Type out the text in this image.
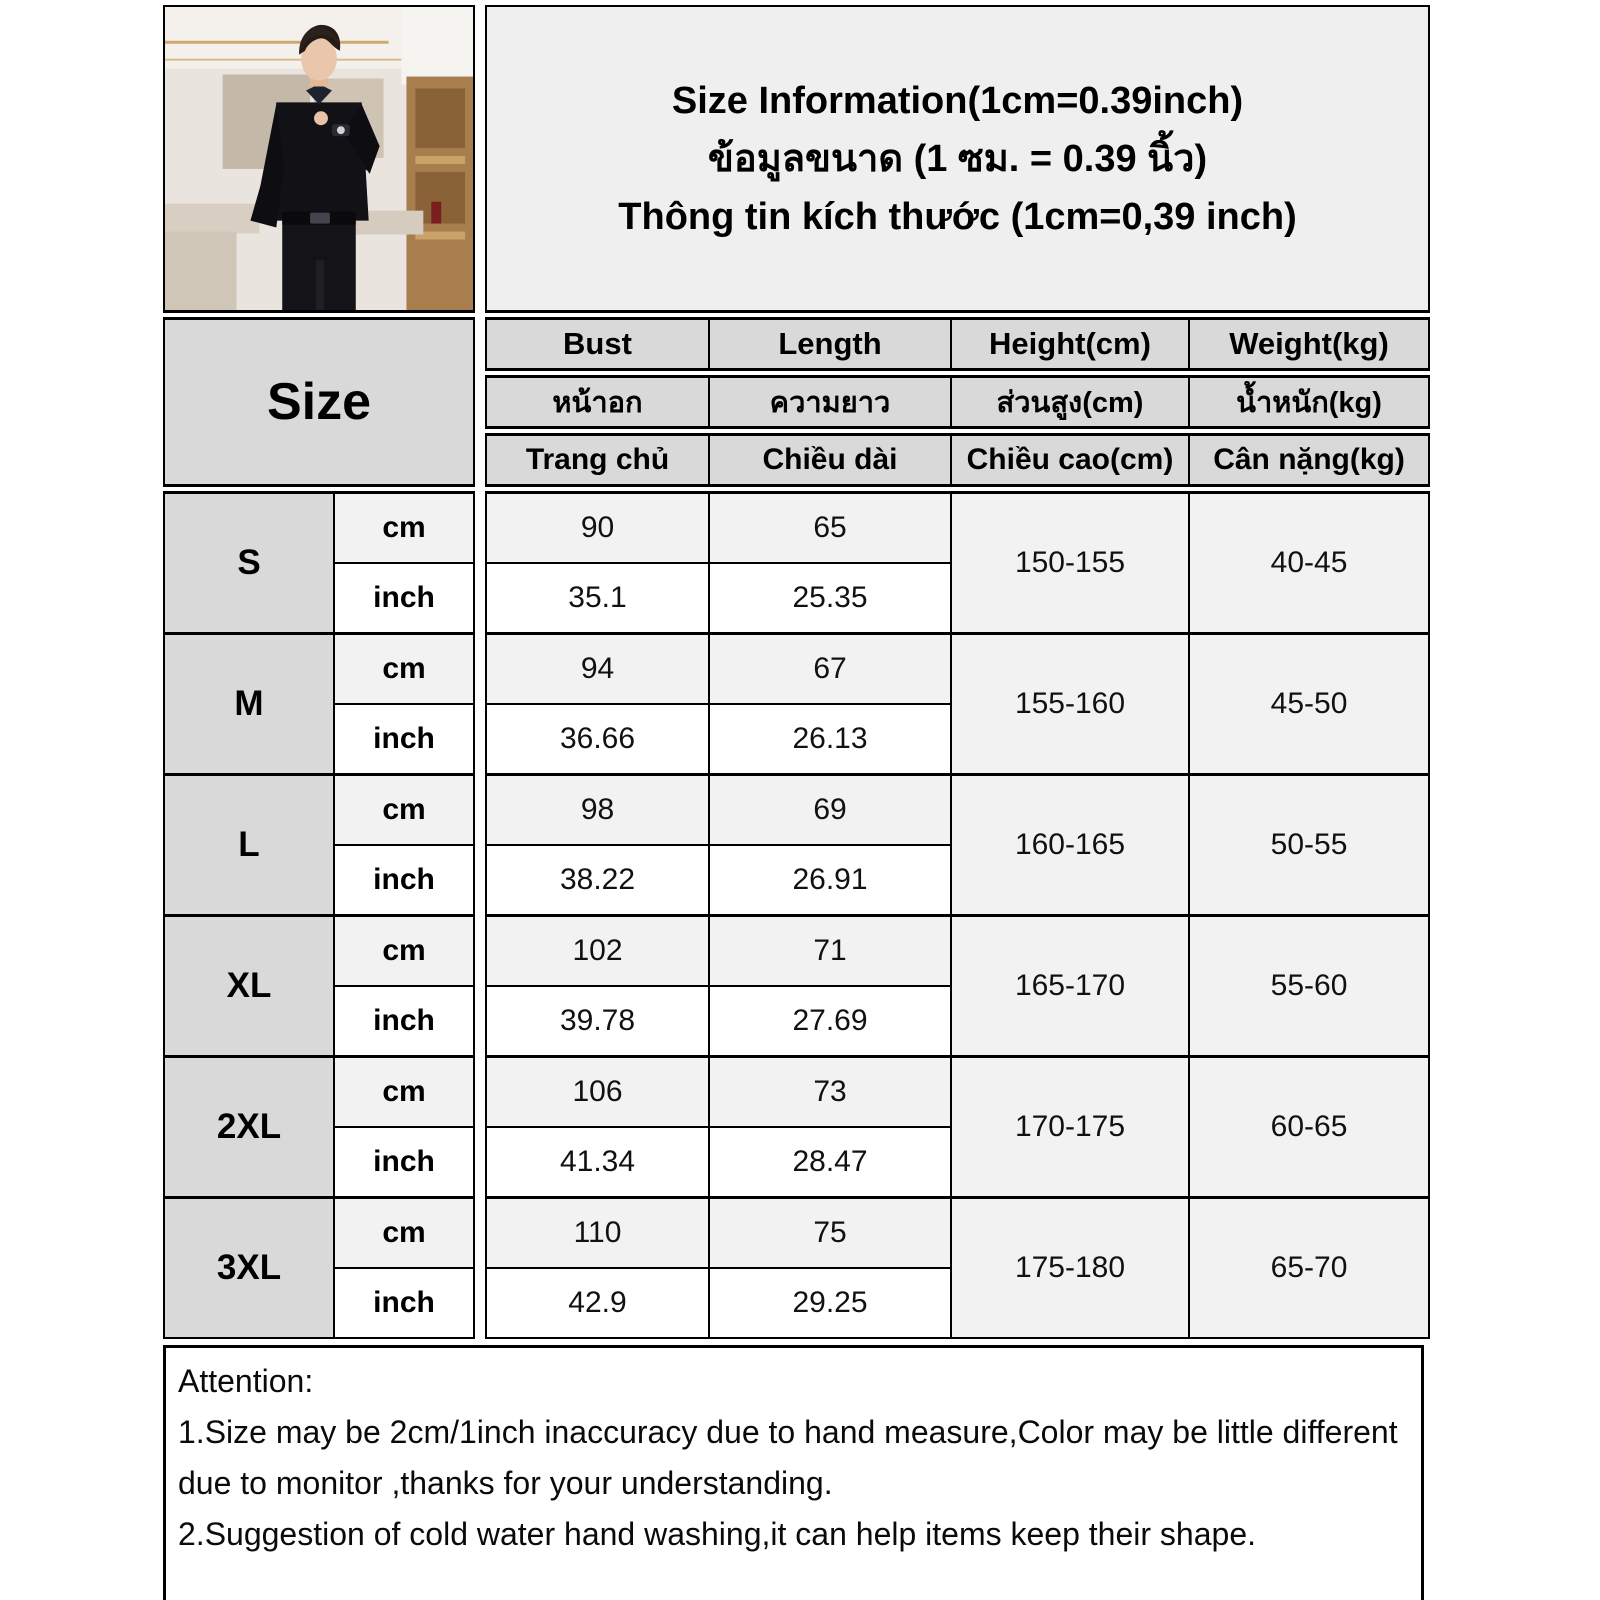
Size Information(1cm=0.39inch)
ข้อมูลขนาด (1 ซม. = 0.39 นิ้ว)
Thông tin kích thước (1cm=0,39 inch)			

Size			Bust	Length	Height(cm)	Weight(kg)
			หน้าอก	ความยาว	ส่วนสูง(cm)	น้ำหนัก(kg)
			Trang chủ	Chiều dài	Chiều cao(cm)	Cân nặng(kg)
S	cm		90	65	150-155	40-45
	inch		35.1	25.35		
M	cm		94	67	155-160	45-50
	inch		36.66	26.13		
L	cm		98	69	160-165	50-55
	inch		38.22	26.91		
XL	cm		102	71	165-170	55-60
	inch		39.78	27.69		
2XL	cm		106	73	170-175	60-65
	inch		41.34	28.47		
3XL	cm		110	75	175-180	65-70
	inch		42.9	29.25		
Attention:
1.Size may be 2cm/1inch inaccuracy due to hand measure,Color may be little different
due to monitor ,thanks for your understanding.
2.Suggestion of cold water hand washing,it can help items keep their shape.
